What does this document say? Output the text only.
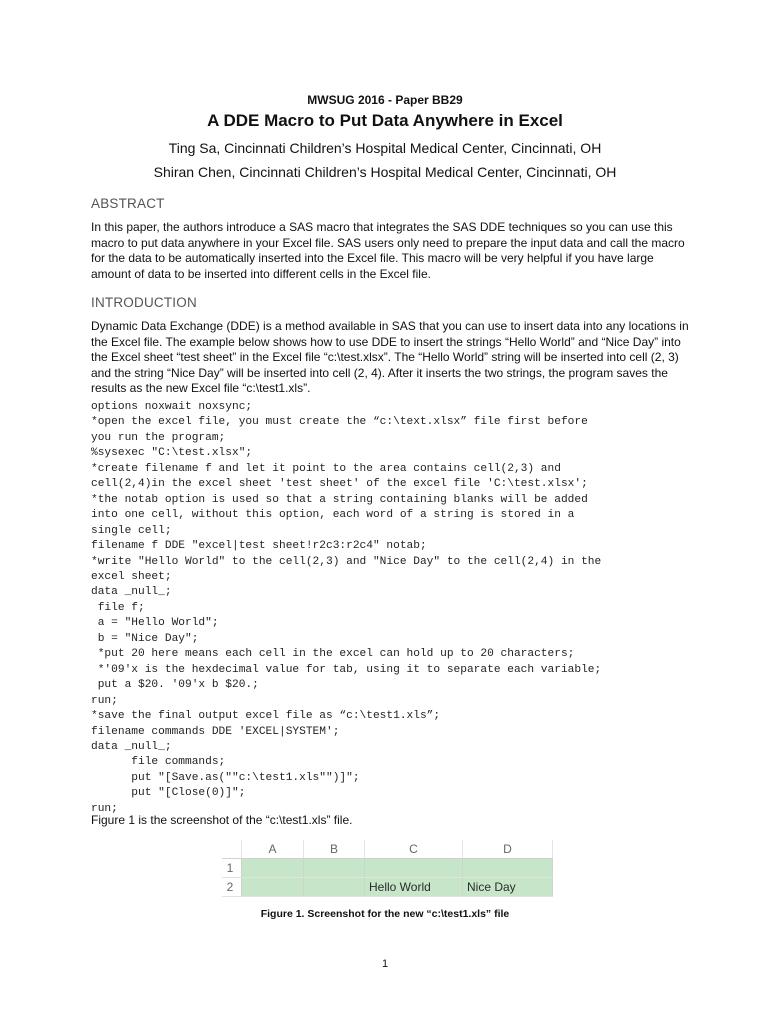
MWSUG 2016 - Paper BB29
A DDE Macro to Put Data Anywhere in Excel
Ting Sa, Cincinnati Children’s Hospital Medical Center, Cincinnati, OH
Shiran Chen, Cincinnati Children’s Hospital Medical Center, Cincinnati, OH
ABSTRACT
In this paper, the authors introduce a SAS macro that integrates the SAS DDE techniques so you can use this macro to put data anywhere in your Excel file. SAS users only need to prepare the input data and call the macro for the data to be automatically inserted into the Excel file. This macro will be very helpful if you have large amount of data to be inserted into different cells in the Excel file.
INTRODUCTION
Dynamic Data Exchange (DDE) is a method available in SAS that you can use to insert data into any locations in the Excel file. The example below shows how to use DDE to insert the strings “Hello World” and “Nice Day” into the Excel sheet “test sheet” in the Excel file “c:\test.xlsx”. The “Hello World” string will be inserted into cell (2, 3) and the string “Nice Day” will be inserted into cell (2, 4). After it inserts the two strings, the program saves the results as the new Excel file “c:\test1.xls”.
options noxwait noxsync;
*open the excel file, you must create the “c:\text.xlsx” file first before
you run the program;
%sysexec "C:\test.xlsx";
*create filename f and let it point to the area contains cell(2,3) and
cell(2,4)in the excel sheet 'test sheet' of the excel file 'C:\test.xlsx';
*the notab option is used so that a string containing blanks will be added
into one cell, without this option, each word of a string is stored in a
single cell;
filename f DDE "excel|test sheet!r2c3:r2c4" notab;
*write "Hello World" to the cell(2,3) and "Nice Day" to the cell(2,4) in the
excel sheet;
data _null_;
file f;
a = "Hello World";
b = "Nice Day";
*put 20 here means each cell in the excel can hold up to 20 characters;
*'09'x is the hexdecimal value for tab, using it to separate each variable;
put a $20. '09'x b $20.;
run;
*save the final output excel file as “c:\test1.xls”;
filename commands DDE 'EXCEL|SYSTEM';
data _null_;
file commands;
put "[Save.as(""c:\test1.xls"")]";
put "[Close(0)]";
run;
Figure 1 is the screenshot of the “c:\test1.xls” file.
	A	B	C	D
1				
2			Hello World	Nice Day
Figure 1. Screenshot for the new “c:\test1.xls” file
1
